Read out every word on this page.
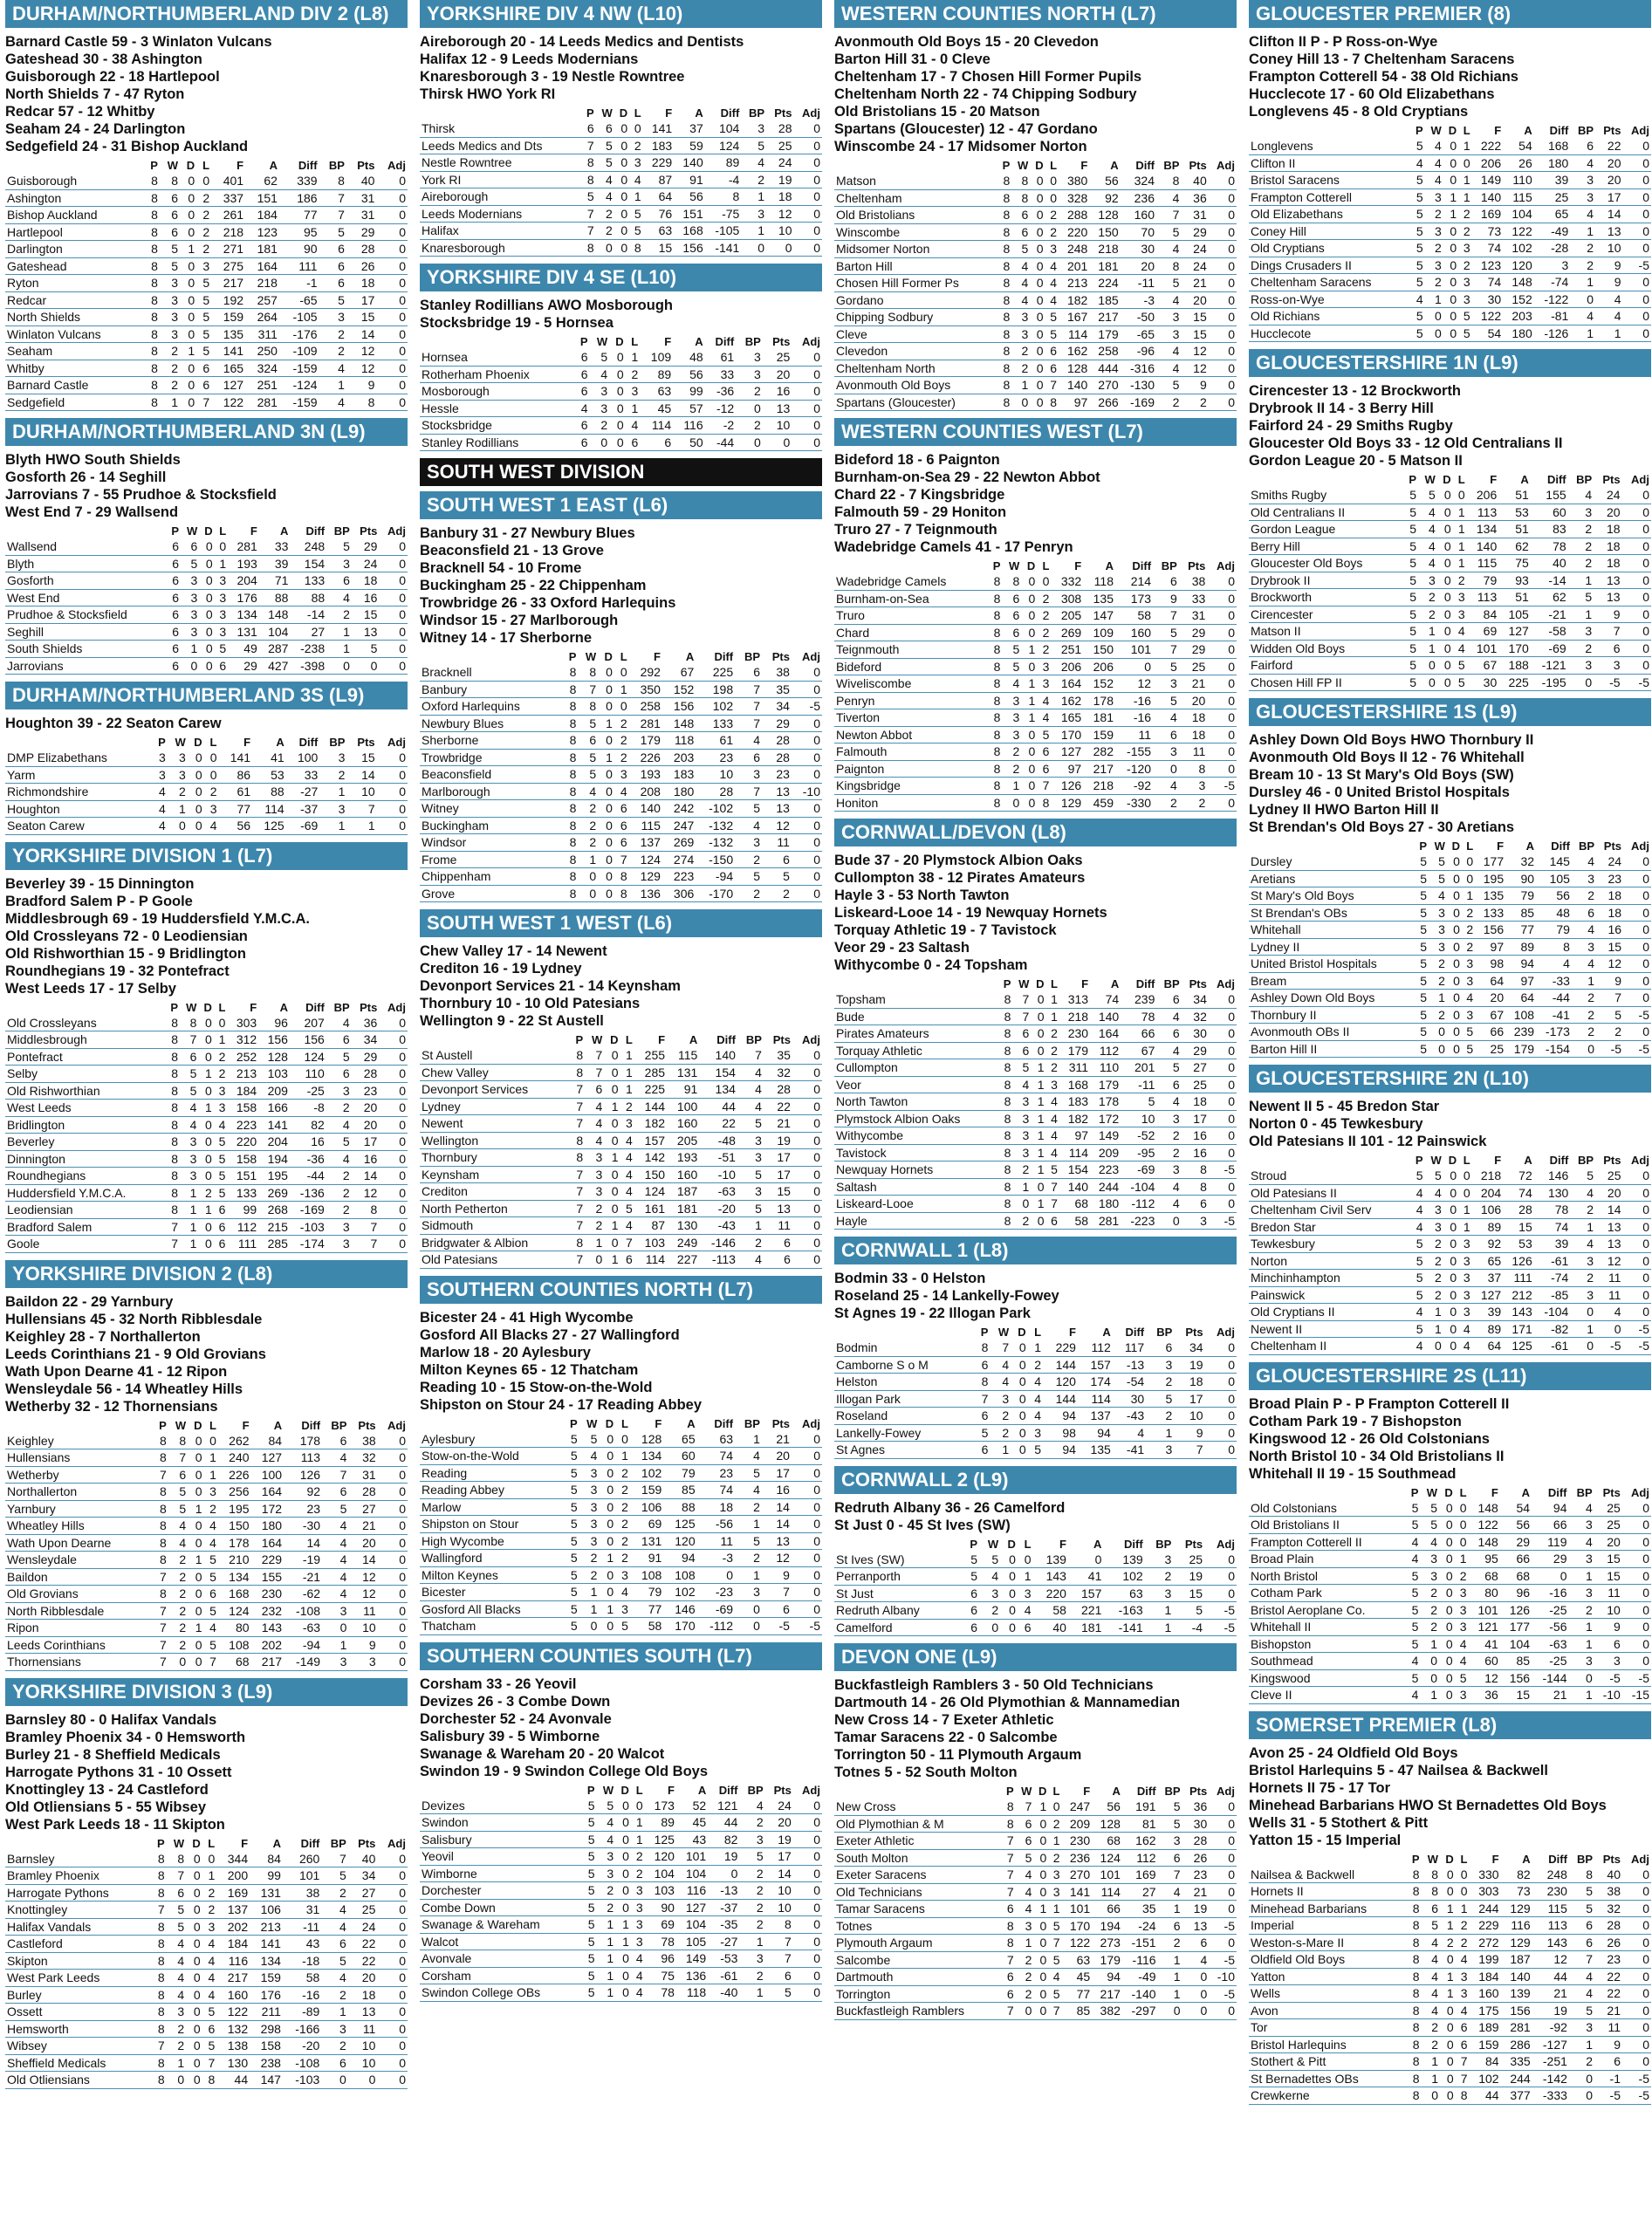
DURHAM/NORTHUMBERLAND DIV 2 (L8)
Barnard Castle 59 - 3 Winlaton Vulcans
Gateshead 30 - 38 Ashington
Guisborough 22 - 18 Hartlepool
North Shields 7 - 47 Ryton
Redcar 57 - 12 Whitby
Seaham 24 - 24 Darlington
Sedgefield 24 - 31 Bishop Auckland
	P	W	D	L	F	A	Diff	BP	Pts	Adj
Guisborough	8	8	0	0	401	62	339	8	40	0
Ashington	8	6	0	2	337	151	186	7	31	0
Bishop Auckland	8	6	0	2	261	184	77	7	31	0
Hartlepool	8	6	0	2	218	123	95	5	29	0
Darlington	8	5	1	2	271	181	90	6	28	0
Gateshead	8	5	0	3	275	164	111	6	26	0
Ryton	8	3	0	5	217	218	-1	6	18	0
Redcar	8	3	0	5	192	257	-65	5	17	0
North Shields	8	3	0	5	159	264	-105	3	15	0
Winlaton Vulcans	8	3	0	5	135	311	-176	2	14	0
Seaham	8	2	1	5	141	250	-109	2	12	0
Whitby	8	2	0	6	165	324	-159	4	12	0
Barnard Castle	8	2	0	6	127	251	-124	1	9	0
Sedgefield	8	1	0	7	122	281	-159	4	8	0
DURHAM/NORTHUMBERLAND 3N (L9)
Blyth HWO South Shields
Gosforth 26 - 14 Seghill
Jarrovians 7 - 55 Prudhoe & Stocksfield
West End 7 - 29 Wallsend
	P	W	D	L	F	A	Diff	BP	Pts	Adj
Wallsend	6	6	0	0	281	33	248	5	29	0
Blyth	6	5	0	1	193	39	154	3	24	0
Gosforth	6	3	0	3	204	71	133	6	18	0
West End	6	3	0	3	176	88	88	4	16	0
Prudhoe & Stocksfield	6	3	0	3	134	148	-14	2	15	0
Seghill	6	3	0	3	131	104	27	1	13	0
South Shields	6	1	0	5	49	287	-238	1	5	0
Jarrovians	6	0	0	6	29	427	-398	0	0	0
DURHAM/NORTHUMBERLAND 3S (L9)
Houghton 39 - 22 Seaton Carew
	P	W	D	L	F	A	Diff	BP	Pts	Adj
DMP Elizabethans	3	3	0	0	141	41	100	3	15	0
Yarm	3	3	0	0	86	53	33	2	14	0
Richmondshire	4	2	0	2	61	88	-27	1	10	0
Houghton	4	1	0	3	77	114	-37	3	7	0
Seaton Carew	4	0	0	4	56	125	-69	1	1	0
YORKSHIRE DIVISION 1 (L7)
Beverley 39 - 15 Dinnington
Bradford Salem P - P Goole
Middlesbrough 69 - 19 Huddersfield Y.M.C.A.
Old Crossleyans 72 - 0 Leodiensian
Old Rishworthian 15 - 9 Bridlington
Roundhegians 19 - 32 Pontefract
West Leeds 17 - 17 Selby
	P	W	D	L	F	A	Diff	BP	Pts	Adj
Old Crossleyans	8	8	0	0	303	96	207	4	36	0
Middlesbrough	8	7	0	1	312	156	156	6	34	0
Pontefract	8	6	0	2	252	128	124	5	29	0
Selby	8	5	1	2	213	103	110	6	28	0
Old Rishworthian	8	5	0	3	184	209	-25	3	23	0
West Leeds	8	4	1	3	158	166	-8	2	20	0
Bridlington	8	4	0	4	223	141	82	4	20	0
Beverley	8	3	0	5	220	204	16	5	17	0
Dinnington	8	3	0	5	158	194	-36	4	16	0
Roundhegians	8	3	0	5	151	195	-44	2	14	0
Huddersfield Y.M.C.A.	8	1	2	5	133	269	-136	2	12	0
Leodiensian	8	1	1	6	99	268	-169	2	8	0
Bradford Salem	7	1	0	6	112	215	-103	3	7	0
Goole	7	1	0	6	111	285	-174	3	7	0
YORKSHIRE DIVISION 2 (L8)
Baildon 22 - 29 Yarnbury
Hullensians 45 - 32 North Ribblesdale
Keighley 28 - 7 Northallerton
Leeds Corinthians 21 - 9 Old Grovians
Wath Upon Dearne 41 - 12 Ripon
Wensleydale 56 - 14 Wheatley Hills
Wetherby 32 - 12 Thornensians
	P	W	D	L	F	A	Diff	BP	Pts	Adj
Keighley	8	8	0	0	262	84	178	6	38	0
Hullensians	8	7	0	1	240	127	113	4	32	0
Wetherby	7	6	0	1	226	100	126	7	31	0
Northallerton	8	5	0	3	256	164	92	6	28	0
Yarnbury	8	5	1	2	195	172	23	5	27	0
Wheatley Hills	8	4	0	4	150	180	-30	4	21	0
Wath Upon Dearne	8	4	0	4	178	164	14	4	20	0
Wensleydale	8	2	1	5	210	229	-19	4	14	0
Baildon	7	2	0	5	134	155	-21	4	12	0
Old Grovians	8	2	0	6	168	230	-62	4	12	0
North Ribblesdale	7	2	0	5	124	232	-108	3	11	0
Ripon	7	2	1	4	80	143	-63	0	10	0
Leeds Corinthians	7	2	0	5	108	202	-94	1	9	0
Thornensians	7	0	0	7	68	217	-149	3	3	0
YORKSHIRE DIVISION 3 (L9)
Barnsley 80 - 0 Halifax Vandals
Bramley Phoenix 34 - 0 Hemsworth
Burley 21 - 8 Sheffield Medicals
Harrogate Pythons 31 - 10 Ossett
Knottingley 13 - 24 Castleford
Old Otliensians 5 - 55 Wibsey
West Park Leeds 18 - 11 Skipton
	P	W	D	L	F	A	Diff	BP	Pts	Adj
Barnsley	8	8	0	0	344	84	260	7	40	0
Bramley Phoenix	8	7	0	1	200	99	101	5	34	0
Harrogate Pythons	8	6	0	2	169	131	38	2	27	0
Knottingley	7	5	0	2	137	106	31	4	25	0
Halifax Vandals	8	5	0	3	202	213	-11	4	24	0
Castleford	8	4	0	4	184	141	43	6	22	0
Skipton	8	4	0	4	116	134	-18	5	22	0
West Park Leeds	8	4	0	4	217	159	58	4	20	0
Burley	8	4	0	4	160	176	-16	2	18	0
Ossett	8	3	0	5	122	211	-89	1	13	0
Hemsworth	8	2	0	6	132	298	-166	3	11	0
Wibsey	7	2	0	5	138	158	-20	2	10	0
Sheffield Medicals	8	1	0	7	130	238	-108	6	10	0
Old Otliensians	8	0	0	8	44	147	-103	0	0	0
YORKSHIRE DIV 4 NW (L10)
Aireborough 20 - 14 Leeds Medics and Dentists
Halifax 12 - 9 Leeds Modernians
Knaresborough 3 - 19 Nestle Rowntree
Thirsk HWO York RI
	P	W	D	L	F	A	Diff	BP	Pts	Adj
Thirsk	6	6	0	0	141	37	104	3	28	0
Leeds Medics and Dts	7	5	0	2	183	59	124	5	25	0
Nestle Rowntree	8	5	0	3	229	140	89	4	24	0
York RI	8	4	0	4	87	91	-4	2	19	0
Aireborough	5	4	0	1	64	56	8	1	18	0
Leeds Modernians	7	2	0	5	76	151	-75	3	12	0
Halifax	7	2	0	5	63	168	-105	1	10	0
Knaresborough	8	0	0	8	15	156	-141	0	0	0
YORKSHIRE DIV 4 SE (L10)
Stanley Rodillians AWO Mosborough
Stocksbridge 19 - 5 Hornsea
	P	W	D	L	F	A	Diff	BP	Pts	Adj
Hornsea	6	5	0	1	109	48	61	3	25	0
Rotherham Phoenix	6	4	0	2	89	56	33	3	20	0
Mosborough	6	3	0	3	63	99	-36	2	16	0
Hessle	4	3	0	1	45	57	-12	0	13	0
Stocksbridge	6	2	0	4	114	116	-2	2	10	0
Stanley Rodillians	6	0	0	6	6	50	-44	0	0	0
SOUTH WEST DIVISION
SOUTH WEST 1 EAST (L6)
Banbury 31 - 27 Newbury Blues
Beaconsfield 21 - 13 Grove
Bracknell 54 - 10 Frome
Buckingham 25 - 22 Chippenham
Trowbridge 26 - 33 Oxford Harlequins
Windsor 15 - 27 Marlborough
Witney 14 - 17 Sherborne
	P	W	D	L	F	A	Diff	BP	Pts	Adj
Bracknell	8	8	0	0	292	67	225	6	38	0
Banbury	8	7	0	1	350	152	198	7	35	0
Oxford Harlequins	8	8	0	0	258	156	102	7	34	-5
Newbury Blues	8	5	1	2	281	148	133	7	29	0
Sherborne	8	6	0	2	179	118	61	4	28	0
Trowbridge	8	5	1	2	226	203	23	6	28	0
Beaconsfield	8	5	0	3	193	183	10	3	23	0
Marlborough	8	4	0	4	208	180	28	7	13	-10
Witney	8	2	0	6	140	242	-102	5	13	0
Buckingham	8	2	0	6	115	247	-132	4	12	0
Windsor	8	2	0	6	137	269	-132	3	11	0
Frome	8	1	0	7	124	274	-150	2	6	0
Chippenham	8	0	0	8	129	223	-94	5	5	0
Grove	8	0	0	8	136	306	-170	2	2	0
SOUTH WEST 1 WEST (L6)
Chew Valley 17 - 14 Newent
Crediton 16 - 19 Lydney
Devonport Services 21 - 14 Keynsham
Thornbury 10 - 10 Old Patesians
Wellington 9 - 22 St Austell
	P	W	D	L	F	A	Diff	BP	Pts	Adj
St Austell	8	7	0	1	255	115	140	7	35	0
Chew Valley	8	7	0	1	285	131	154	4	32	0
Devonport Services	7	6	0	1	225	91	134	4	28	0
Lydney	7	4	1	2	144	100	44	4	22	0
Newent	7	4	0	3	182	160	22	5	21	0
Wellington	8	4	0	4	157	205	-48	3	19	0
Thornbury	8	3	1	4	142	193	-51	3	17	0
Keynsham	7	3	0	4	150	160	-10	5	17	0
Crediton	7	3	0	4	124	187	-63	3	15	0
North Petherton	7	2	0	5	161	181	-20	5	13	0
Sidmouth	7	2	1	4	87	130	-43	1	11	0
Bridgwater & Albion	8	1	0	7	103	249	-146	2	6	0
Old Patesians	7	0	1	6	114	227	-113	4	6	0
SOUTHERN COUNTIES NORTH (L7)
Bicester 24 - 41 High Wycombe
Gosford All Blacks 27 - 27 Wallingford
Marlow 18 - 20 Aylesbury
Milton Keynes 65 - 12 Thatcham
Reading 10 - 15 Stow-on-the-Wold
Shipston on Stour 24 - 17 Reading Abbey
	P	W	D	L	F	A	Diff	BP	Pts	Adj
Aylesbury	5	5	0	0	128	65	63	1	21	0
Stow-on-the-Wold	5	4	0	1	134	60	74	4	20	0
Reading	5	3	0	2	102	79	23	5	17	0
Reading Abbey	5	3	0	2	159	85	74	4	16	0
Marlow	5	3	0	2	106	88	18	2	14	0
Shipston on Stour	5	3	0	2	69	125	-56	1	14	0
High Wycombe	5	3	0	2	131	120	11	5	13	0
Wallingford	5	2	1	2	91	94	-3	2	12	0
Milton Keynes	5	2	0	3	108	108	0	1	9	0
Bicester	5	1	0	4	79	102	-23	3	7	0
Gosford All Blacks	5	1	1	3	77	146	-69	0	6	0
Thatcham	5	0	0	5	58	170	-112	0	-5	-5
SOUTHERN COUNTIES SOUTH (L7)
Corsham 33 - 26 Yeovil
Devizes 26 - 3 Combe Down
Dorchester 52 - 24 Avonvale
Salisbury 39 - 5 Wimborne
Swanage & Wareham 20 - 20 Walcot
Swindon 19 - 9 Swindon College Old Boys
	P	W	D	L	F	A	Diff	BP	Pts	Adj
Devizes	5	5	0	0	173	52	121	4	24	0
Swindon	5	4	0	1	89	45	44	2	20	0
Salisbury	5	4	0	1	125	43	82	3	19	0
Yeovil	5	3	0	2	120	101	19	5	17	0
Wimborne	5	3	0	2	104	104	0	2	14	0
Dorchester	5	2	0	3	103	116	-13	2	10	0
Combe Down	5	2	0	3	90	127	-37	2	10	0
Swanage & Wareham	5	1	1	3	69	104	-35	2	8	0
Walcot	5	1	1	3	78	105	-27	1	7	0
Avonvale	5	1	0	4	96	149	-53	3	7	0
Corsham	5	1	0	4	75	136	-61	2	6	0
Swindon College OBs	5	1	0	4	78	118	-40	1	5	0
WESTERN COUNTIES NORTH (L7)
Avonmouth Old Boys 15 - 20 Clevedon
Barton Hill 31 - 0 Cleve
Cheltenham 17 - 7 Chosen Hill Former Pupils
Cheltenham North 22 - 74 Chipping Sodbury
Old Bristolians 15 - 20 Matson
Spartans (Gloucester) 12 - 47 Gordano
Winscombe 24 - 17 Midsomer Norton
	P	W	D	L	F	A	Diff	BP	Pts	Adj
Matson	8	8	0	0	380	56	324	8	40	0
Cheltenham	8	8	0	0	328	92	236	4	36	0
Old Bristolians	8	6	0	2	288	128	160	7	31	0
Winscombe	8	6	0	2	220	150	70	5	29	0
Midsomer Norton	8	5	0	3	248	218	30	4	24	0
Barton Hill	8	4	0	4	201	181	20	8	24	0
Chosen Hill Former Ps	8	4	0	4	213	224	-11	5	21	0
Gordano	8	4	0	4	182	185	-3	4	20	0
Chipping Sodbury	8	3	0	5	167	217	-50	3	15	0
Cleve	8	3	0	5	114	179	-65	3	15	0
Clevedon	8	2	0	6	162	258	-96	4	12	0
Cheltenham North	8	2	0	6	128	444	-316	4	12	0
Avonmouth Old Boys	8	1	0	7	140	270	-130	5	9	0
Spartans (Gloucester)	8	0	0	8	97	266	-169	2	2	0
WESTERN COUNTIES WEST (L7)
Bideford 18 - 6 Paignton
Burnham-on-Sea 29 - 22 Newton Abbot
Chard 22 - 7 Kingsbridge
Falmouth 59 - 29 Honiton
Truro 27 - 7 Teignmouth
Wadebridge Camels 41 - 17 Penryn
	P	W	D	L	F	A	Diff	BP	Pts	Adj
Wadebridge Camels	8	8	0	0	332	118	214	6	38	0
Burnham-on-Sea	8	6	0	2	308	135	173	9	33	0
Truro	8	6	0	2	205	147	58	7	31	0
Chard	8	6	0	2	269	109	160	5	29	0
Teignmouth	8	5	1	2	251	150	101	7	29	0
Bideford	8	5	0	3	206	206	0	5	25	0
Wiveliscombe	8	4	1	3	164	152	12	3	21	0
Penryn	8	3	1	4	162	178	-16	5	20	0
Tiverton	8	3	1	4	165	181	-16	4	18	0
Newton Abbot	8	3	0	5	170	159	11	6	18	0
Falmouth	8	2	0	6	127	282	-155	3	11	0
Paignton	8	2	0	6	97	217	-120	0	8	0
Kingsbridge	8	1	0	7	126	218	-92	4	3	-5
Honiton	8	0	0	8	129	459	-330	2	2	0
CORNWALL/DEVON (L8)
Bude 37 - 20 Plymstock Albion Oaks
Cullompton 38 - 12 Pirates Amateurs
Hayle 3 - 53 North Tawton
Liskeard-Looe 14 - 19 Newquay Hornets
Torquay Athletic 19 - 7 Tavistock
Veor 29 - 23 Saltash
Withycombe 0 - 24 Topsham
	P	W	D	L	F	A	Diff	BP	Pts	Adj
Topsham	8	7	0	1	313	74	239	6	34	0
Bude	8	7	0	1	218	140	78	4	32	0
Pirates Amateurs	8	6	0	2	230	164	66	6	30	0
Torquay Athletic	8	6	0	2	179	112	67	4	29	0
Cullompton	8	5	1	2	311	110	201	5	27	0
Veor	8	4	1	3	168	179	-11	6	25	0
North Tawton	8	3	1	4	183	178	5	4	18	0
Plymstock Albion Oaks	8	3	1	4	182	172	10	3	17	0
Withycombe	8	3	1	4	97	149	-52	2	16	0
Tavistock	8	3	1	4	114	209	-95	2	16	0
Newquay Hornets	8	2	1	5	154	223	-69	3	8	-5
Saltash	8	1	0	7	140	244	-104	4	8	0
Liskeard-Looe	8	0	1	7	68	180	-112	4	6	0
Hayle	8	2	0	6	58	281	-223	0	3	-5
CORNWALL 1 (L8)
Bodmin 33 - 0 Helston
Roseland 25 - 14 Lankelly-Fowey
St Agnes 19 - 22 Illogan Park
	P	W	D	L	F	A	Diff	BP	Pts	Adj
Bodmin	8	7	0	1	229	112	117	6	34	0
Camborne S o M	6	4	0	2	144	157	-13	3	19	0
Helston	8	4	0	4	120	174	-54	2	18	0
Illogan Park	7	3	0	4	144	114	30	5	17	0
Roseland	6	2	0	4	94	137	-43	2	10	0
Lankelly-Fowey	5	2	0	3	98	94	4	1	9	0
St Agnes	6	1	0	5	94	135	-41	3	7	0
CORNWALL 2 (L9)
Redruth Albany 36 - 26 Camelford
St Just 0 - 45 St Ives (SW)
	P	W	D	L	F	A	Diff	BP	Pts	Adj
St Ives (SW)	5	5	0	0	139	0	139	3	25	0
Perranporth	5	4	0	1	143	41	102	2	19	0
St Just	6	3	0	3	220	157	63	3	15	0
Redruth Albany	6	2	0	4	58	221	-163	1	5	-5
Camelford	6	0	0	6	40	181	-141	1	-4	-5
DEVON ONE (L9)
Buckfastleigh Ramblers 3 - 50 Old Technicians
Dartmouth 14 - 26 Old Plymothian & Mannamedian
New Cross 14 - 7 Exeter Athletic
Tamar Saracens 22 - 0 Salcombe
Torrington 50 - 11 Plymouth Argaum
Totnes 5 - 52 South Molton
	P	W	D	L	F	A	Diff	BP	Pts	Adj
New Cross	8	7	1	0	247	56	191	5	36	0
Old Plymothian & M	8	6	0	2	209	128	81	5	30	0
Exeter Athletic	7	6	0	1	230	68	162	3	28	0
South Molton	7	5	0	2	236	124	112	6	26	0
Exeter Saracens	7	4	0	3	270	101	169	7	23	0
Old Technicians	7	4	0	3	141	114	27	4	21	0
Tamar Saracens	6	4	1	1	101	66	35	1	19	0
Totnes	8	3	0	5	170	194	-24	6	13	-5
Plymouth Argaum	8	1	0	7	122	273	-151	2	6	0
Salcombe	7	2	0	5	63	179	-116	1	4	-5
Dartmouth	6	2	0	4	45	94	-49	1	0	-10
Torrington	6	2	0	5	77	217	-140	1	0	-5
Buckfastleigh Ramblers	7	0	0	7	85	382	-297	0	0	0
GLOUCESTER PREMIER (8)
Clifton II P - P Ross-on-Wye
Coney Hill 13 - 7 Cheltenham Saracens
Frampton Cotterell 54 - 38 Old Richians
Hucclecote 17 - 60 Old Elizabethans
Longlevens 45 - 8 Old Cryptians
	P	W	D	L	F	A	Diff	BP	Pts	Adj
Longlevens	5	4	0	1	222	54	168	6	22	0
Clifton II	4	4	0	0	206	26	180	4	20	0
Bristol Saracens	5	4	0	1	149	110	39	3	20	0
Frampton Cotterell	5	3	1	1	140	115	25	3	17	0
Old Elizabethans	5	2	1	2	169	104	65	4	14	0
Coney Hill	5	3	0	2	73	122	-49	1	13	0
Old Cryptians	5	2	0	3	74	102	-28	2	10	0
Dings Crusaders II	5	3	0	2	123	120	3	2	9	-5
Cheltenham Saracens	5	2	0	3	74	148	-74	1	9	0
Ross-on-Wye	4	1	0	3	30	152	-122	0	4	0
Old Richians	5	0	0	5	122	203	-81	4	4	0
Hucclecote	5	0	0	5	54	180	-126	1	1	0
GLOUCESTERSHIRE 1N (L9)
Cirencester 13 - 12 Brockworth
Drybrook II 14 - 3 Berry Hill
Fairford 24 - 29 Smiths Rugby
Gloucester Old Boys 33 - 12 Old Centralians II
Gordon League 20 - 5 Matson II
	P	W	D	L	F	A	Diff	BP	Pts	Adj
Smiths Rugby	5	5	0	0	206	51	155	4	24	0
Old Centralians II	5	4	0	1	113	53	60	3	20	0
Gordon League	5	4	0	1	134	51	83	2	18	0
Berry Hill	5	4	0	1	140	62	78	2	18	0
Gloucester Old Boys	5	4	0	1	115	75	40	2	18	0
Drybrook II	5	3	0	2	79	93	-14	1	13	0
Brockworth	5	2	0	3	113	51	62	5	13	0
Cirencester	5	2	0	3	84	105	-21	1	9	0
Matson II	5	1	0	4	69	127	-58	3	7	0
Widden Old Boys	5	1	0	4	101	170	-69	2	6	0
Fairford	5	0	0	5	67	188	-121	3	3	0
Chosen Hill FP II	5	0	0	5	30	225	-195	0	-5	-5
GLOUCESTERSHIRE 1S (L9)
Ashley Down Old Boys HWO Thornbury II
Avonmouth Old Boys II 12 - 76 Whitehall
Bream 10 - 13 St Mary's Old Boys (SW)
Dursley 46 - 0 United Bristol Hospitals
Lydney II HWO Barton Hill II
St Brendan's Old Boys 27 - 30 Aretians
	P	W	D	L	F	A	Diff	BP	Pts	Adj
Dursley	5	5	0	0	177	32	145	4	24	0
Aretians	5	5	0	0	195	90	105	3	23	0
St Mary's Old Boys	5	4	0	1	135	79	56	2	18	0
St Brendan's OBs	5	3	0	2	133	85	48	6	18	0
Whitehall	5	3	0	2	156	77	79	4	16	0
Lydney II	5	3	0	2	97	89	8	3	15	0
United Bristol Hospitals	5	2	0	3	98	94	4	4	12	0
Bream	5	2	0	3	64	97	-33	1	9	0
Ashley Down Old Boys	5	1	0	4	20	64	-44	2	7	0
Thornbury II	5	2	0	3	67	108	-41	2	5	-5
Avonmouth OBs II	5	0	0	5	66	239	-173	2	2	0
Barton Hill II	5	0	0	5	25	179	-154	0	-5	-5
GLOUCESTERSHIRE 2N (L10)
Newent II 5 - 45 Bredon Star
Norton 0 - 45 Tewkesbury
Old Patesians II 101 - 12 Painswick
	P	W	D	L	F	A	Diff	BP	Pts	Adj
Stroud	5	5	0	0	218	72	146	5	25	0
Old Patesians II	4	4	0	0	204	74	130	4	20	0
Cheltenham Civil Serv	4	3	0	1	106	28	78	2	14	0
Bredon Star	4	3	0	1	89	15	74	1	13	0
Tewkesbury	5	2	0	3	92	53	39	4	13	0
Norton	5	2	0	3	65	126	-61	3	12	0
Minchinhampton	5	2	0	3	37	111	-74	2	11	0
Painswick	5	2	0	3	127	212	-85	3	11	0
Old Cryptians II	4	1	0	3	39	143	-104	0	4	0
Newent II	5	1	0	4	89	171	-82	1	0	-5
Cheltenham II	4	0	0	4	64	125	-61	0	-5	-5
GLOUCESTERSHIRE 2S (L11)
Broad Plain P - P Frampton Cotterell II
Cotham Park 19 - 7 Bishopston
Kingswood 12 - 26 Old Colstonians
North Bristol 10 - 34 Old Bristolians II
Whitehall II 19 - 15 Southmead
	P	W	D	L	F	A	Diff	BP	Pts	Adj
Old Colstonians	5	5	0	0	148	54	94	4	25	0
Old Bristolians II	5	5	0	0	122	56	66	3	25	0
Frampton Cotterell II	4	4	0	0	148	29	119	4	20	0
Broad Plain	4	3	0	1	95	66	29	3	15	0
North Bristol	5	3	0	2	68	68	0	1	15	0
Cotham Park	5	2	0	3	80	96	-16	3	11	0
Bristol Aeroplane Co.	5	2	0	3	101	126	-25	2	10	0
Whitehall II	5	2	0	3	121	177	-56	1	9	0
Bishopston	5	1	0	4	41	104	-63	1	6	0
Southmead	4	0	0	4	60	85	-25	3	3	0
Kingswood	5	0	0	5	12	156	-144	0	-5	-5
Cleve II	4	1	0	3	36	15	21	1	-10	-15
SOMERSET PREMIER (L8)
Avon 25 - 24 Oldfield Old Boys
Bristol Harlequins 5 - 47 Nailsea & Backwell
Hornets II 75 - 17 Tor
Minehead Barbarians HWO St Bernadettes Old Boys
Wells 31 - 5 Stothert & Pitt
Yatton 15 - 15 Imperial
	P	W	D	L	F	A	Diff	BP	Pts	Adj
Nailsea & Backwell	8	8	0	0	330	82	248	8	40	0
Hornets II	8	8	0	0	303	73	230	5	38	0
Minehead Barbarians	8	6	1	1	244	129	115	5	32	0
Imperial	8	5	1	2	229	116	113	6	28	0
Weston-s-Mare II	8	4	2	2	272	129	143	6	26	0
Oldfield Old Boys	8	4	0	4	199	187	12	7	23	0
Yatton	8	4	1	3	184	140	44	4	22	0
Wells	8	4	1	3	160	139	21	4	22	0
Avon	8	4	0	4	175	156	19	5	21	0
Tor	8	2	0	6	189	281	-92	3	11	0
Bristol Harlequins	8	2	0	6	159	286	-127	1	9	0
Stothert & Pitt	8	1	0	7	84	335	-251	2	6	0
St Bernadettes OBs	8	1	0	7	102	244	-142	0	-1	-5
Crewkerne	8	0	0	8	44	377	-333	0	-5	-5
